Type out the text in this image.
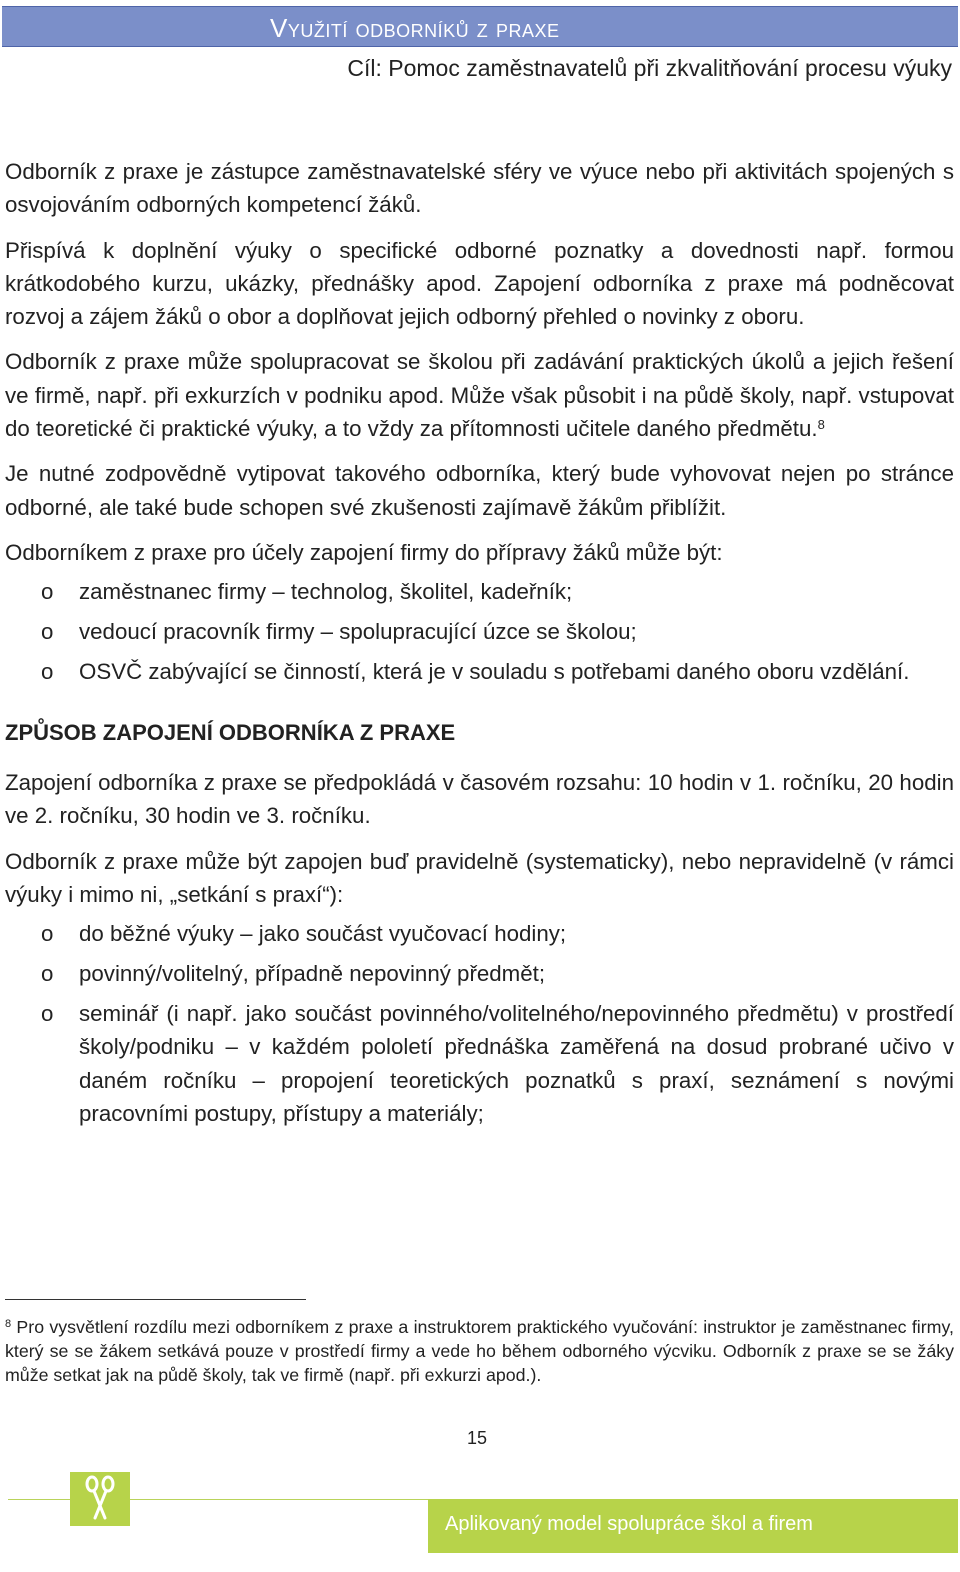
Využití odborníků z praxe
Cíl: Pomoc zaměstnavatelů při zkvalitňování procesu výuky

Odborník z praxe je zástupce zaměstnavatelské sféry ve výuce nebo při aktivitách spojených s osvojováním odborných kompetencí žáků.

Přispívá k doplnění výuky o specifické odborné poznatky a dovednosti např. formou krátkodobého kurzu, ukázky, přednášky apod. Zapojení odborníka z praxe má podněcovat rozvoj a zájem žáků o obor a doplňovat jejich odborný přehled o novinky z oboru.

Odborník z praxe může spolupracovat se školou při zadávání praktických úkolů a jejich řešení ve firmě, např. při exkurzích v podniku apod. Může však působit i na půdě školy, např. vstupovat do teoretické či praktické výuky, a to vždy za přítomnosti učitele daného předmětu.$^8$

Je nutné zodpovědně vytipovat takového odborníka, který bude vyhovovat nejen po stránce odborné, ale také bude schopen své zkušenosti zajímavě žákům přiblížit.

Odborníkem z praxe pro účely zapojení firmy do přípravy žáků může být:

o zaměstnanec firmy – technolog, školitel, kadeřník;
o vedoucí pracovník firmy – spolupracující úzce se školou;
o OSVČ zabývající se činností, která je v souladu s potřebami daného oboru vzdělání.
ZPŮSOB ZAPOJENÍ ODBORNÍKA Z PRAXE

Zapojení odborníka z praxe se předpokládá v časovém rozsahu: 10 hodin v 1. ročníku, 20 hodin ve 2. ročníku, 30 hodin ve 3. ročníku.

Odborník z praxe může být zapojen buď pravidelně (systematicky), nebo nepravidelně (v rámci výuky i mimo ni, „setkání s praxí“):

o do běžné výuky – jako součást vyučovací hodiny;
o povinný/volitelný, případně nepovinný předmět;
o seminář (i např. jako součást povinného/volitelného/nepovinného předmětu) v prostředí školy/podniku – v každém pololetí přednáška zaměřená na dosud probrané učivo v daném ročníku – propojení teoretických poznatků s praxí, seznámení s novými pracovními postupy, přístupy a materiály;
$^8$ Pro vysvětlení rozdílu mezi odborníkem z praxe a instruktorem praktického vyučování: instruktor je zaměstnanec firmy, který se se žákem setkává pouze v prostředí firmy a vede ho během odborného výcviku. Odborník z praxe se se žáky může setkat jak na půdě školy, tak ve firmě (např. při exkurzi apod.).
15
Aplikovaný model spolupráce škol a firem
